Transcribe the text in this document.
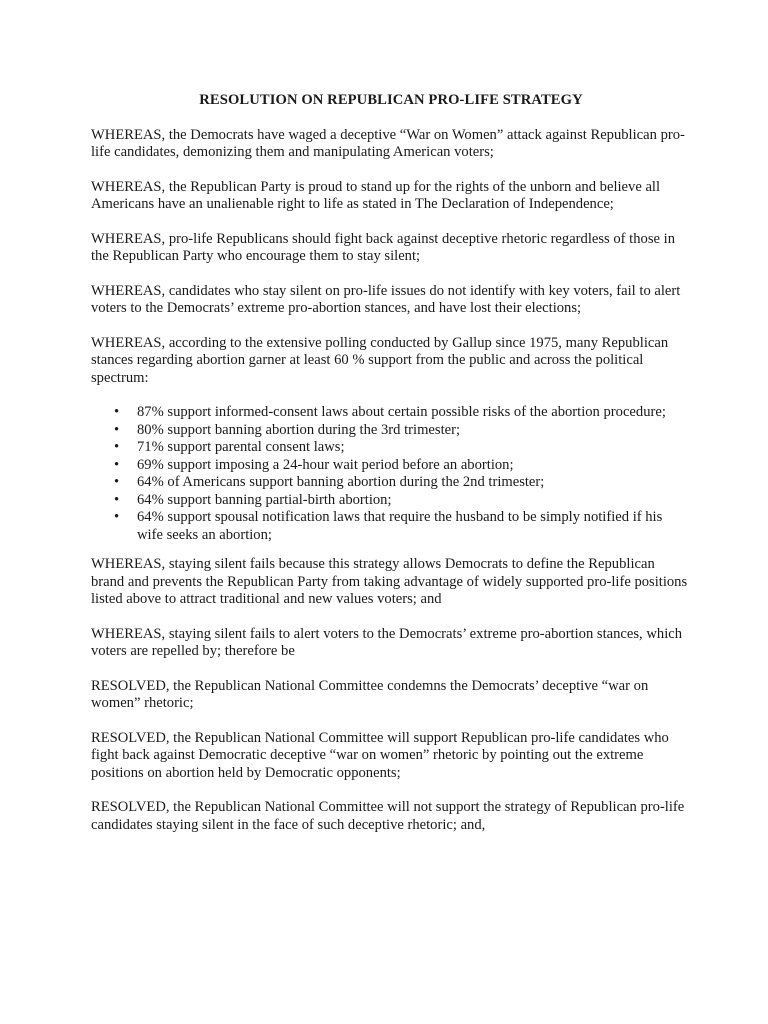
RESOLUTION ON REPUBLICAN PRO-LIFE STRATEGY

WHEREAS, the Democrats have waged a deceptive “War on Women” attack against Republican pro-life candidates, demonizing them and manipulating American voters;

WHEREAS, the Republican Party is proud to stand up for the rights of the unborn and believe all Americans have an unalienable right to life as stated in The Declaration of Independence;

WHEREAS, pro-life Republicans should fight back against deceptive rhetoric regardless of those in the Republican Party who encourage them to stay silent;

WHEREAS, candidates who stay silent on pro-life issues do not identify with key voters, fail to alert voters to the Democrats’ extreme pro-abortion stances, and have lost their elections;

WHEREAS, according to the extensive polling conducted by Gallup since 1975, many Republican stances regarding abortion garner at least 60 % support from the public and across the political spectrum:

• 87% support informed-consent laws about certain possible risks of the abortion procedure;
• 80% support banning abortion during the 3rd trimester;
• 71% support parental consent laws;
• 69% support imposing a 24-hour wait period before an abortion;
• 64% of Americans support banning abortion during the 2nd trimester;
• 64% support banning partial-birth abortion;
• 64% support spousal notification laws that require the husband to be simply notified if his wife seeks an abortion;

WHEREAS, staying silent fails because this strategy allows Democrats to define the Republican brand and prevents the Republican Party from taking advantage of widely supported pro-life positions listed above to attract traditional and new values voters; and

WHEREAS, staying silent fails to alert voters to the Democrats’ extreme pro-abortion stances, which voters are repelled by; therefore be

RESOLVED, the Republican National Committee condemns the Democrats’ deceptive “war on women” rhetoric;

RESOLVED, the Republican National Committee will support Republican pro-life candidates who fight back against Democratic deceptive “war on women” rhetoric by pointing out the extreme positions on abortion held by Democratic opponents;

RESOLVED, the Republican National Committee will not support the strategy of Republican pro-life candidates staying silent in the face of such deceptive rhetoric; and,
